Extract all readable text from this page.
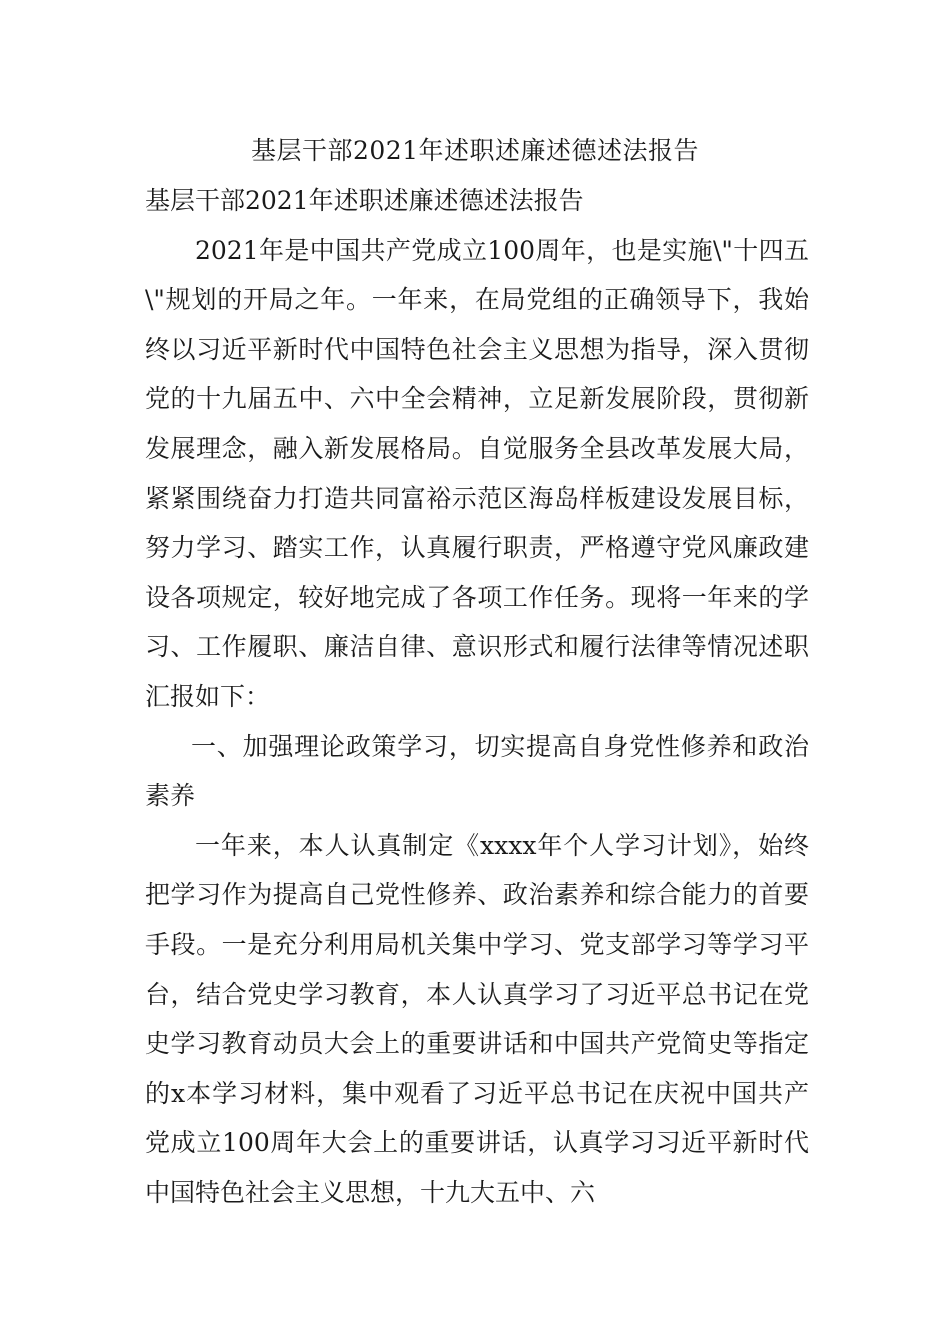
基层干部2021年述职述廉述德述法报告

基层干部2021年述职述廉述德述法报告

2021年是中国共产党成立100周年，也是实施\"十四五\"规划的开局之年。一年来，在局党组的正确领导下，我始终以习近平新时代中国特色社会主义思想为指导，深入贯彻党的十九届五中、六中全会精神，立足新发展阶段，贯彻新发展理念，融入新发展格局。自觉服务全县改革发展大局，紧紧围绕奋力打造共同富裕示范区海岛样板建设发展目标，努力学习、踏实工作，认真履行职责，严格遵守党风廉政建设各项规定，较好地完成了各项工作任务。现将一年来的学习、工作履职、廉洁自律、意识形式和履行法律等情况述职汇报如下：

一、加强理论政策学习，切实提高自身党性修养和政治素养

一年来，本人认真制定《xxxx年个人学习计划》，始终把学习作为提高自己党性修养、政治素养和综合能力的首要手段。一是充分利用局机关集中学习、党支部学习等学习平台，结合党史学习教育，本人认真学习了习近平总书记在党史学习教育动员大会上的重要讲话和中国共产党简史等指定的x本学习材料，集中观看了习近平总书记在庆祝中国共产党成立100周年大会上的重要讲话，认真学习习近平新时代中国特色社会主义思想，十九大五中、六
